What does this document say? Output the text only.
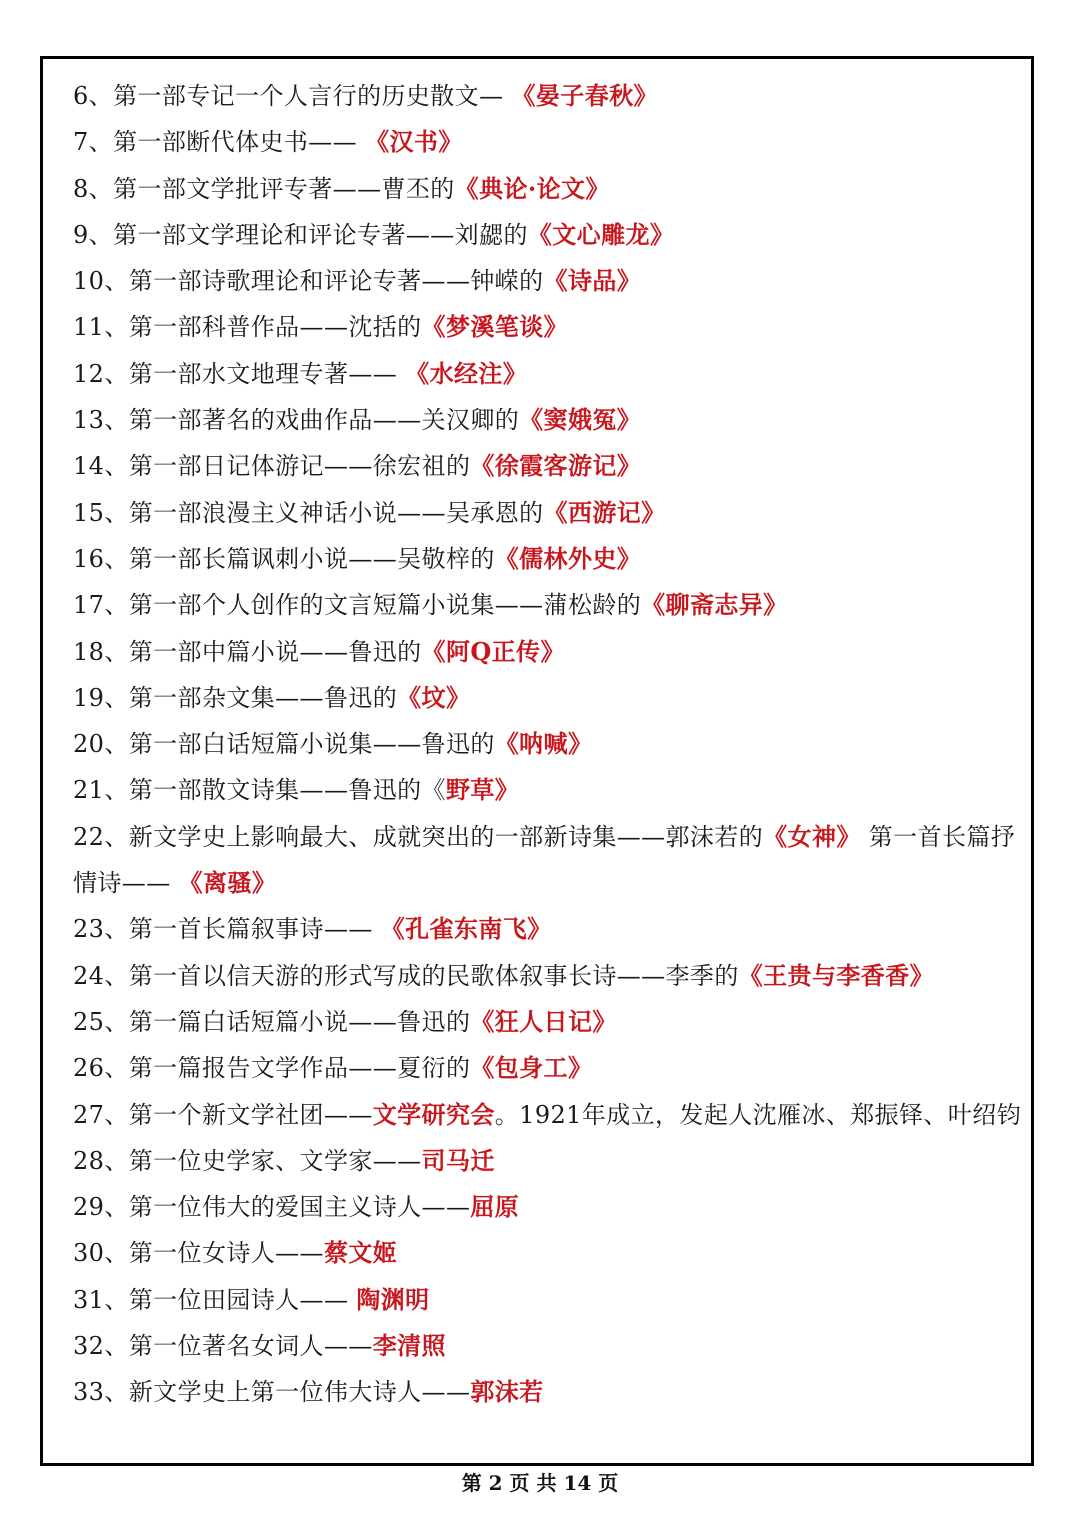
6、第一部专记一个人言行的历史散文— 《晏子春秋》
7、第一部断代体史书—— 《汉书》
8、第一部文学批评专著——曹丕的《典论·论文》
9、第一部文学理论和评论专著——刘勰的《文心雕龙》
10、第一部诗歌理论和评论专著——钟嵘的《诗品》
11、第一部科普作品——沈括的《梦溪笔谈》
12、第一部水文地理专著—— 《水经注》
13、第一部著名的戏曲作品——关汉卿的《窦娥冤》
14、第一部日记体游记——徐宏祖的《徐霞客游记》
15、第一部浪漫主义神话小说——吴承恩的《西游记》
16、第一部长篇讽刺小说——吴敬梓的《儒林外史》
17、第一部个人创作的文言短篇小说集——蒲松龄的《聊斋志异》
18、第一部中篇小说——鲁迅的《阿Q正传》
19、第一部杂文集——鲁迅的《坟》
20、第一部白话短篇小说集——鲁迅的《呐喊》
21、第一部散文诗集——鲁迅的《野草》
22、新文学史上影响最大、成就突出的一部新诗集——郭沫若的《女神》 第一首长篇抒情诗—— 《离骚》
23、第一首长篇叙事诗—— 《孔雀东南飞》
24、第一首以信天游的形式写成的民歌体叙事长诗——李季的《王贵与李香香》
25、第一篇白话短篇小说——鲁迅的《狂人日记》
26、第一篇报告文学作品——夏衍的《包身工》
27、第一个新文学社团——文学研究会。1921年成立，发起人沈雁冰、郑振铎、叶绍钧
28、第一位史学家、文学家——司马迁
29、第一位伟大的爱国主义诗人——屈原
30、第一位女诗人——蔡文姬
31、第一位田园诗人—— 陶渊明
32、第一位著名女词人——李清照
33、新文学史上第一位伟大诗人——郭沫若
第 2 页 共 14 页
